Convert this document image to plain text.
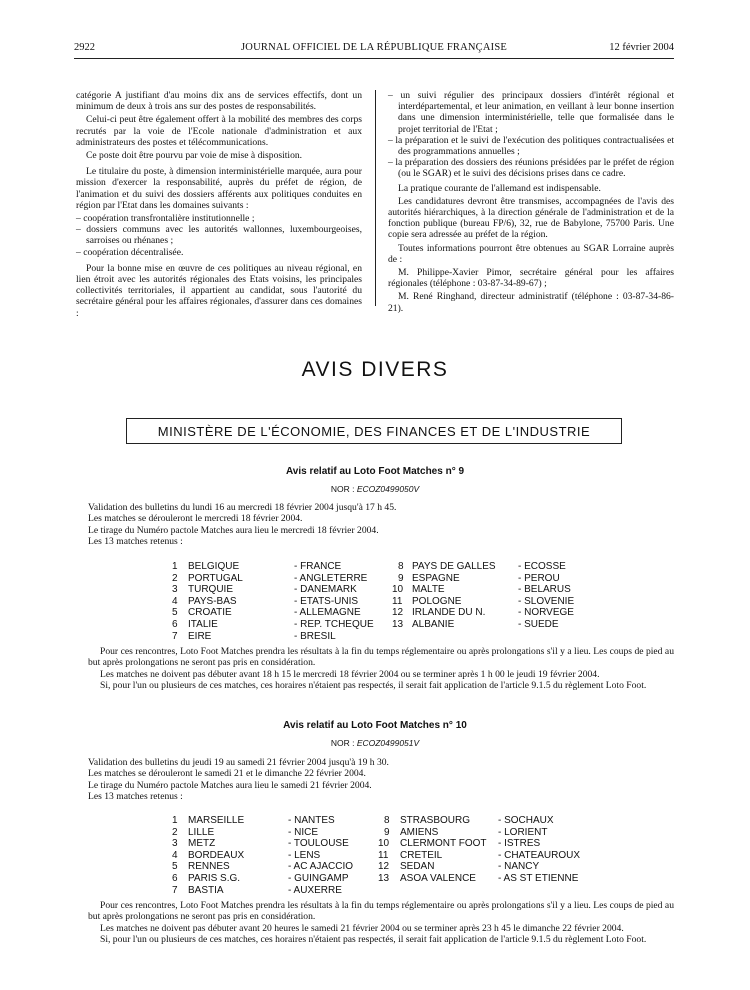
2922	JOURNAL OFFICIEL DE LA RÉPUBLIQUE FRANÇAISE	12 février 2004

catégorie A justifiant d'au moins dix ans de services effectifs, dont un minimum de deux à trois ans sur des postes de responsabilités.

Celui-ci peut être également offert à la mobilité des membres des corps recrutés par la voie de l'Ecole nationale d'administration et aux administrateurs des postes et télécommunications.

Ce poste doit être pourvu par voie de mise à disposition.

Le titulaire du poste, à dimension interministérielle marquée, aura pour mission d'exercer la responsabilité, auprès du préfet de région, de l'animation et du suivi des dossiers afférents aux politiques conduites en région par l'Etat dans les domaines suivants :

– coopération transfrontalière institutionnelle ;
– dossiers communs avec les autorités wallonnes, luxembourgeoises, sarroises ou rhénanes ;
– coopération décentralisée.

Pour la bonne mise en œuvre de ces politiques au niveau régional, en lien étroit avec les autorités régionales des Etats voisins, les principales collectivités territoriales, il appartient au candidat, sous l'autorité du secrétaire général pour les affaires régionales, d'assurer dans ces domaines :

– un suivi régulier des principaux dossiers d'intérêt régional et interdépartemental, et leur animation, en veillant à leur bonne insertion dans une dimension interministérielle, telle que formalisée dans le projet territorial de l'Etat ;
– la préparation et le suivi de l'exécution des politiques contractualisées et des programmations annuelles ;
– la préparation des dossiers des réunions présidées par le préfet de région (ou le SGAR) et le suivi des décisions prises dans ce cadre.

La pratique courante de l'allemand est indispensable.

Les candidatures devront être transmises, accompagnées de l'avis des autorités hiérarchiques, à la direction générale de l'administration et de la fonction publique (bureau FP/6), 32, rue de Babylone, 75700 Paris. Une copie sera adressée au préfet de la région.

Toutes informations pourront être obtenues au SGAR Lorraine auprès de :

M. Philippe-Xavier Pimor, secrétaire général pour les affaires régionales (téléphone : 03-87-34-89-67) ;

M. René Ringhand, directeur administratif (téléphone : 03-87-34-86-21).

AVIS DIVERS
MINISTÈRE DE L'ÉCONOMIE, DES FINANCES ET DE L'INDUSTRIE
Avis relatif au Loto Foot Matches n° 9
NOR : ECOZ0499050V

Validation des bulletins du lundi 16 au mercredi 18 février 2004 jusqu'à 17 h 45.

Les matches se dérouleront le mercredi 18 février 2004.

Le tirage du Numéro pactole Matches aura lieu le mercredi 18 février 2004.

Les 13 matches retenus :

1 BELGIQUE	- FRANCE	8 PAYS DE GALLES - ECOSSE
2 PORTUGAL	- ANGLETERRE	9 ESPAGNE	- PEROU
3 TURQUIE	- DANEMARK	10 MALTE	- BELARUS
4 PAYS-BAS	- ETATS-UNIS	11 POLOGNE	- SLOVENIE
5 CROATIE	- ALLEMAGNE	12 IRLANDE DU N.	- NORVEGE
6 ITALIE	- REP. TCHEQUE 13 ALBANIE	- SUEDE
7 EIRE	- BRESIL

Pour ces rencontres, Loto Foot Matches prendra les résultats à la fin du temps réglementaire ou après prolongations s'il y a lieu. Les coups de pied au but après prolongations ne seront pas pris en considération.

Les matches ne doivent pas débuter avant 18 h 15 le mercredi 18 février 2004 ou se terminer après 1 h 00 le jeudi 19 février 2004.

Si, pour l'un ou plusieurs de ces matches, ces horaires n'étaient pas respectés, il serait fait application de l'article 9.1.5 du règlement Loto Foot.

Avis relatif au Loto Foot Matches n° 10
NOR : ECOZ0499051V

Validation des bulletins du jeudi 19 au samedi 21 février 2004 jusqu'à 19 h 30.

Les matches se dérouleront le samedi 21 et le dimanche 22 février 2004.

Le tirage du Numéro pactole Matches aura lieu le samedi 21 février 2004.

Les 13 matches retenus :

1 MARSEILLE	- NANTES	8 STRASBOURG	- SOCHAUX
2 LILLE	- NICE	9 AMIENS	- LORIENT
3 METZ	- TOULOUSE	10 CLERMONT FOOT - ISTRES
4 BORDEAUX	- LENS	11 CRETEIL	- CHATEAUROUX
5 RENNES	- AC AJACCIO 12 SEDAN	- NANCY
6 PARIS S.G.	- GUINGAMP	13 ASOA VALENCE - AS ST ETIENNE
7 BASTIA	- AUXERRE

Pour ces rencontres, Loto Foot Matches prendra les résultats à la fin du temps réglementaire ou après prolongations s'il y a lieu. Les coups de pied au but après prolongations ne seront pas pris en considération.

Les matches ne doivent pas débuter avant 20 heures le samedi 21 février 2004 ou se terminer après 23 h 45 le dimanche 22 février 2004.

Si, pour l'un ou plusieurs de ces matches, ces horaires n'étaient pas respectés, il serait fait application de l'article 9.1.5 du règlement Loto Foot.
